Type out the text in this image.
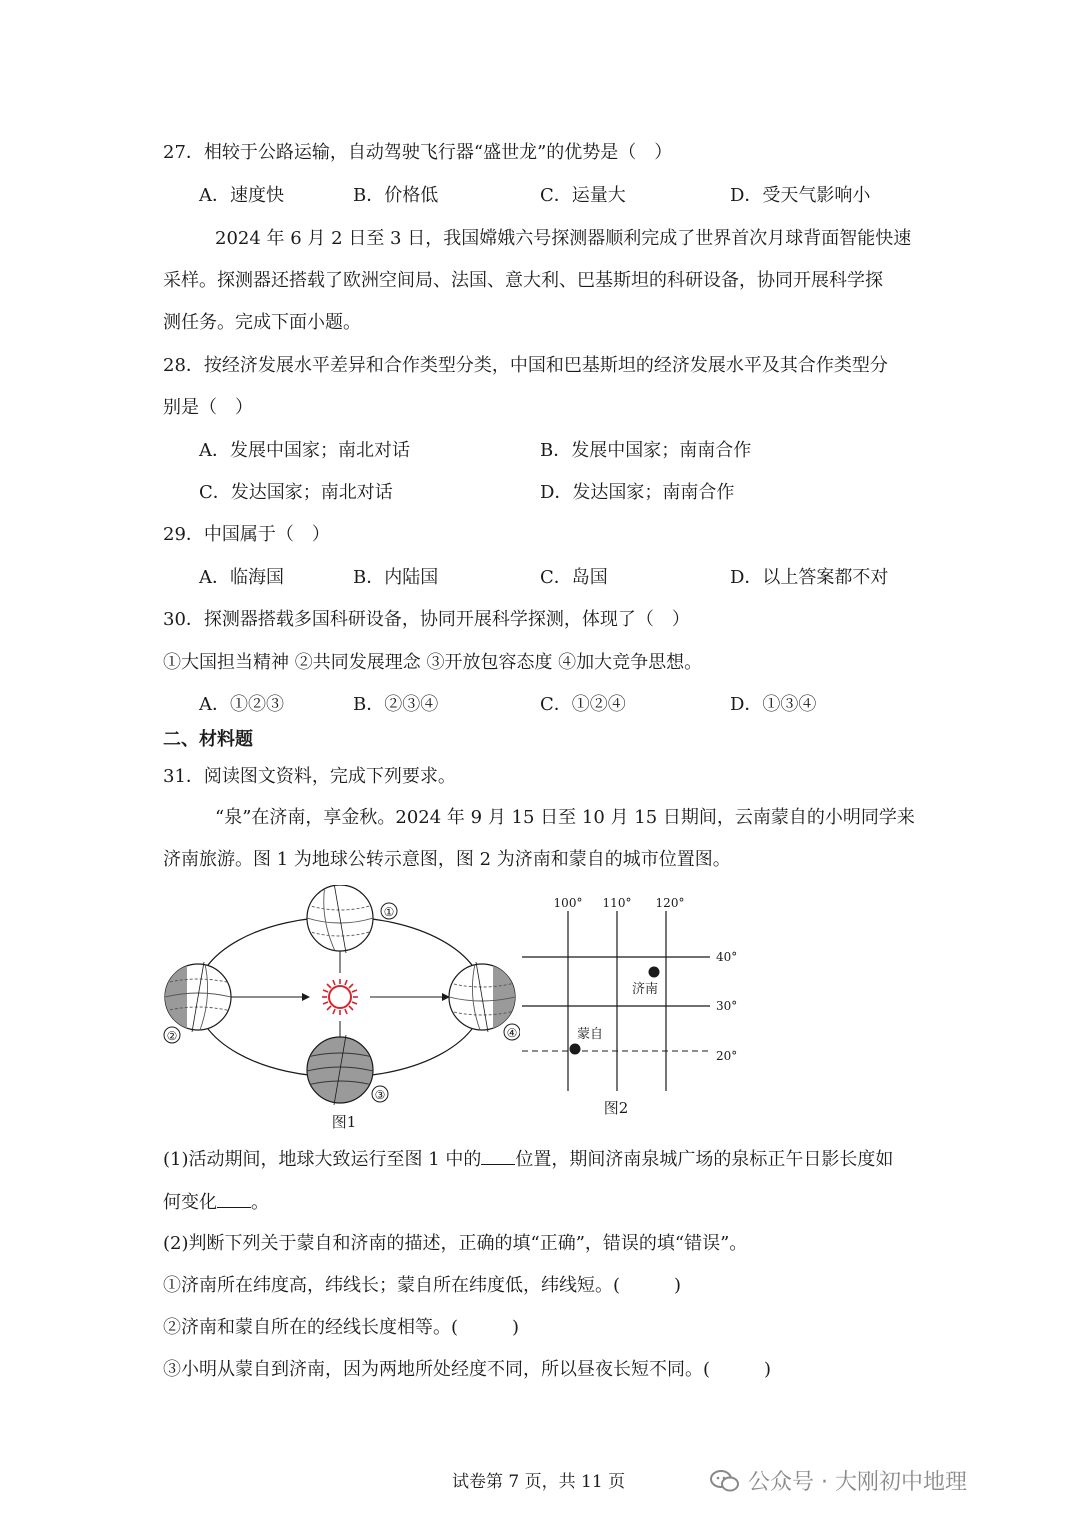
27．相较于公路运输，自动驾驶飞行器“盛世龙”的优势是（　）
A．速度快	B．价格低	C．运量大	D．受天气影响小
2024 年 6 月 2 日至 3 日，我国嫦娥六号探测器顺利完成了世界首次月球背面智能快速
采样。探测器还搭载了欧洲空间局、法国、意大利、巴基斯坦的科研设备，协同开展科学探
测任务。完成下面小题。
28．按经济发展水平差异和合作类型分类，中国和巴基斯坦的经济发展水平及其合作类型分
别是（　）
A．发展中国家；南北对话	B．发展中国家；南南合作
C．发达国家；南北对话	D．发达国家；南南合作
29．中国属于（　）
A．临海国	B．内陆国	C．岛国	D．以上答案都不对
30．探测器搭载多国科研设备，协同开展科学探测，体现了（　）
①大国担当精神 ②共同发展理念 ③开放包容态度 ④加大竞争思想。
A．①②③	B．②③④	C．①②④	D．①③④
二、材料题
31．阅读图文资料，完成下列要求。
“泉”在济南，享金秋。2024 年 9 月 15 日至 10 月 15 日期间，云南蒙自的小明同学来
济南旅游。图 1 为地球公转示意图，图 2 为济南和蒙自的城市位置图。
①
②
③
④
图1
100° 110° 120°
40°
30°
20°
济南
蒙自
图2
(1)活动期间，地球大致运行至图 1 中的 位置，期间济南泉城广场的泉标正午日影长度如
何变化 。
(2)判断下列关于蒙自和济南的描述，正确的填“正确”，错误的填“错误”。
①济南所在纬度高，纬线长；蒙自所在纬度低，纬线短。(　　　)
②济南和蒙自所在的经线长度相等。(　　　)
③小明从蒙自到济南，因为两地所处经度不同，所以昼夜长短不同。(　　　)
试卷第 7 页，共 11 页	公众号 · 大刚初中地理
